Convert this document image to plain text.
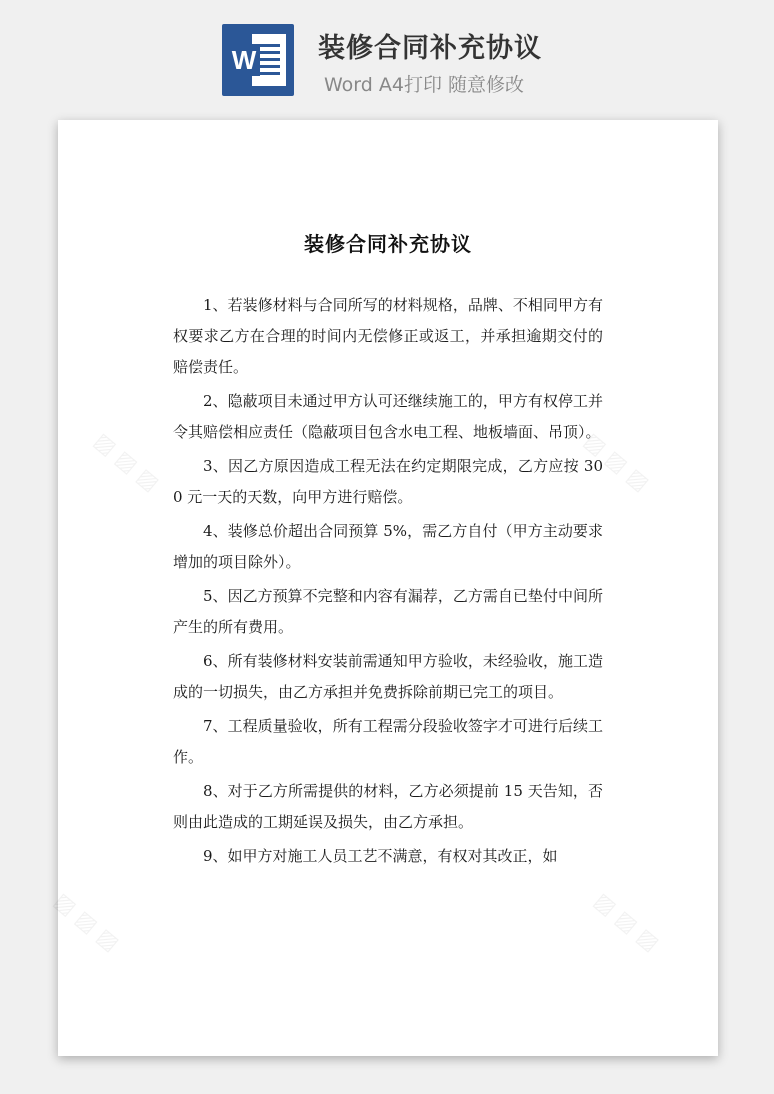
W 装修合同补充协议
Word A4打印 随意修改
▨ ▨ ▨	▨ ▨ ▨
▨ ▨ ▨	▨ ▨ ▨
装修合同补充协议

1、若装修材料与合同所写的材料规格，品牌、不相同甲方有权要求乙方在合理的时间内无偿修正或返工，并承担逾期交付的赔偿责任。

2、隐蔽项目未通过甲方认可还继续施工的，甲方有权停工并令其赔偿相应责任（隐蔽项目包含水电工程、地板墙面、吊顶）。

3、因乙方原因造成工程无法在约定期限完成，乙方应按 300 元一天的天数，向甲方进行赔偿。

4、装修总价超出合同预算 5%，需乙方自付（甲方主动要求增加的项目除外）。

5、因乙方预算不完整和内容有漏荐，乙方需自已垫付中间所产生的所有费用。

6、所有装修材料安装前需通知甲方验收，未经验收，施工造成的一切损失，由乙方承担并免费拆除前期已完工的项目。

7、工程质量验收，所有工程需分段验收签字才可进行后续工作。

8、对于乙方所需提供的材料，乙方必须提前 15 天告知，否则由此造成的工期延误及损失，由乙方承担。

9、如甲方对施工人员工艺不满意，有权对其改正，如
